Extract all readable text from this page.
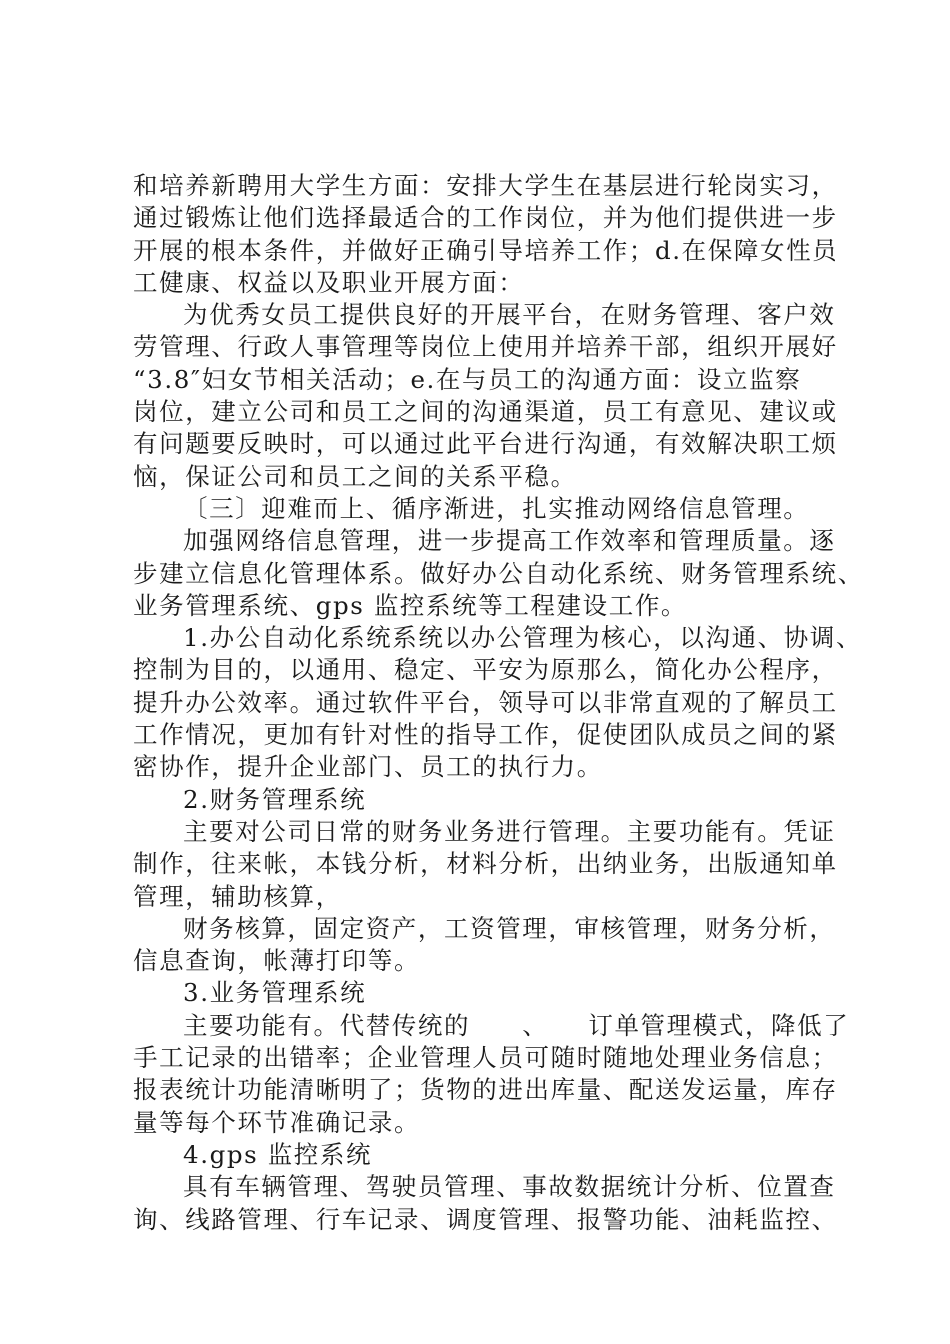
和培养新聘用大学生方面：安排大学生在基层进行轮岗实习，
通过锻炼让他们选择最适合的工作岗位，并为他们提供进一步
开展的根本条件，并做好正确引导培养工作；d.在保障女性员
工健康、权益以及职业开展方面：
为优秀女员工提供良好的开展平台，在财务管理、客户效
劳管理、行政人事管理等岗位上使用并培养干部，组织开展好
“3.8″妇女节相关活动；e.在与员工的沟通方面：设立监察
岗位，建立公司和员工之间的沟通渠道，员工有意见、建议或
有问题要反映时，可以通过此平台进行沟通，有效解决职工烦
恼，保证公司和员工之间的关系平稳。
〔三〕迎难而上、循序渐进，扎实推动网络信息管理。
加强网络信息管理，进一步提高工作效率和管理质量。逐
步建立信息化管理体系。做好办公自动化系统、财务管理系统、
业务管理系统、gps 监控系统等工程建设工作。
1.办公自动化系统系统以办公管理为核心，以沟通、协调、
控制为目的，以通用、稳定、平安为原那么，简化办公程序，
提升办公效率。通过软件平台，领导可以非常直观的了解员工
工作情况，更加有针对性的指导工作，促使团队成员之间的紧
密协作，提升企业部门、员工的执行力。
2.财务管理系统
主要对公司日常的财务业务进行管理。主要功能有。凭证
制作，往来帐，本钱分析，材料分析，出纳业务，出版通知单
管理，辅助核算，
财务核算，固定资产，工资管理，审核管理，财务分析，
信息查询，帐薄打印等。
3.业务管理系统
主要功能有。代替传统的　　、　　订单管理模式，降低了
手工记录的出错率；企业管理人员可随时随地处理业务信息；
报表统计功能清晰明了；货物的进出库量、配送发运量，库存
量等每个环节准确记录。
4.gps 监控系统
具有车辆管理、驾驶员管理、事故数据统计分析、位置查
询、线路管理、行车记录、调度管理、报警功能、油耗监控、
